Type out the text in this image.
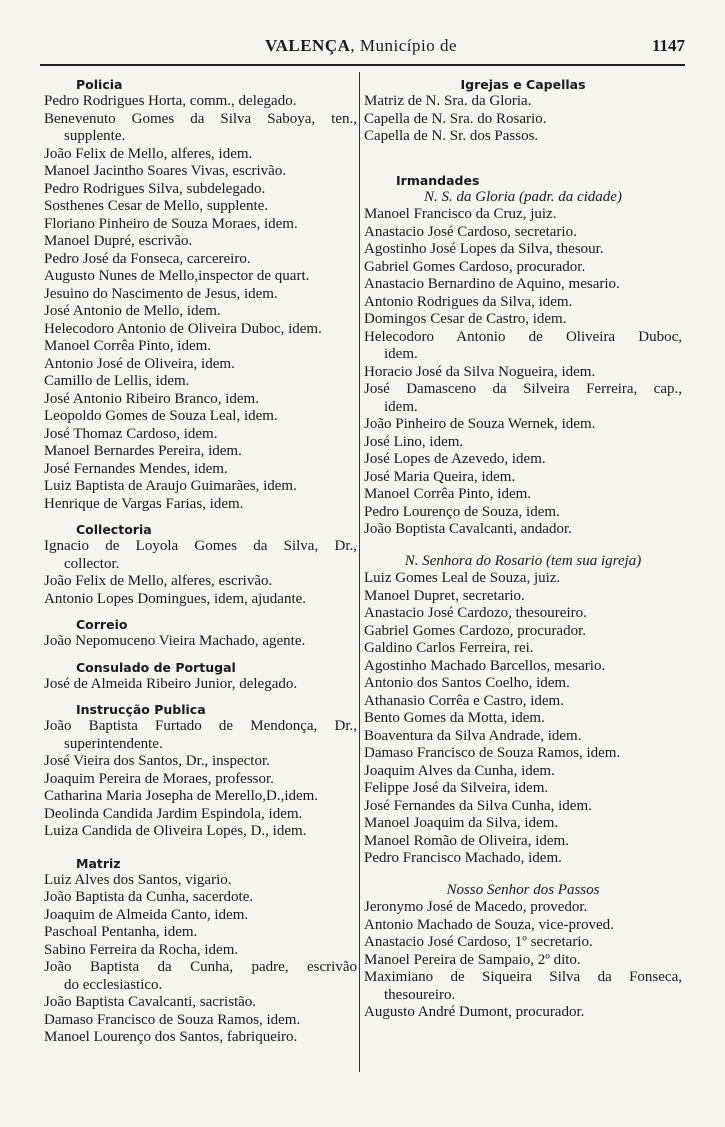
VALENÇA, Município de	1147
Policia
Pedro Rodrigues Horta, comm., delegado.
Benevenuto Gomes da Silva Saboya, ten.,
supplente.
João Felix de Mello, alferes, idem.
Manoel Jacintho Soares Vivas, escrivão.
Pedro Rodrigues Silva, subdelegado.
Sosthenes Cesar de Mello, supplente.
Floriano Pinheiro de Souza Moraes, idem.
Manoel Dupré, escrivão.
Pedro José da Fonseca, carcereiro.
Augusto Nunes de Mello,inspector de quart.
Jesuino do Nascimento de Jesus, idem.
José Antonio de Mello, idem.
Helecodoro Antonio de Oliveira Duboc, idem.
Manoel Corrêa Pinto, idem.
Antonio José de Oliveira, idem.
Camillo de Lellis, idem.
José Antonio Ribeiro Branco, idem.
Leopoldo Gomes de Souza Leal, idem.
José Thomaz Cardoso, idem.
Manoel Bernardes Pereira, idem.
José Fernandes Mendes, idem.
Luiz Baptista de Araujo Guimarães, idem.
Henrique de Vargas Farias, idem.
Collectoria
Ignacio de Loyola Gomes da Silva, Dr.,
collector.
João Felix de Mello, alferes, escrivão.
Antonio Lopes Domingues, idem, ajudante.
Correio
João Nepomuceno Vieira Machado, agente.
Consulado de Portugal
José de Almeida Ribeiro Junior, delegado.
Instrucção Publica
João Baptista Furtado de Mendonça, Dr.,
superintendente.
José Vieira dos Santos, Dr., inspector.
Joaquim Pereira de Moraes, professor.
Catharina Maria Josepha de Merello,D.,idem.
Deolinda Candida Jardim Espindola, idem.
Luiza Candida de Oliveira Lopes, D., idem.
Matriz
Luiz Alves dos Santos, vigario.
João Baptista da Cunha, sacerdote.
Joaquim de Almeida Canto, idem.
Paschoal Pentanha, idem.
Sabino Ferreira da Rocha, idem.
João Baptista da Cunha, padre, escrivão
do ecclesiastico.
João Baptista Cavalcanti, sacristão.
Damaso Francisco de Souza Ramos, idem.
Manoel Lourenço dos Santos, fabriqueiro.
Igrejas e Capellas
Matriz de N. Sra. da Gloria.
Capella de N. Sra. do Rosario.
Capella de N. Sr. dos Passos.
Irmandades
N. S. da Gloria (padr. da cidade)
Manoel Francisco da Cruz, juiz.
Anastacio José Cardoso, secretario.
Agostinho José Lopes da Silva, thesour.
Gabriel Gomes Cardoso, procurador.
Anastacio Bernardino de Aquino, mesario.
Antonio Rodrigues da Silva, idem.
Domingos Cesar de Castro, idem.
Helecodoro Antonio de Oliveira Duboc,
idem.
Horacio José da Silva Nogueira, idem.
José Damasceno da Silveira Ferreira, cap.,
idem.
João Pinheiro de Souza Wernek, idem.
José Lino, idem.
José Lopes de Azevedo, idem.
José Maria Queira, idem.
Manoel Corrêa Pinto, idem.
Pedro Lourenço de Souza, idem.
João Boptista Cavalcanti, andador.
N. Senhora do Rosario (tem sua igreja)
Luiz Gomes Leal de Souza, juiz.
Manoel Dupret, secretario.
Anastacio José Cardozo, thesoureiro.
Gabriel Gomes Cardozo, procurador.
Galdino Carlos Ferreira, rei.
Agostinho Machado Barcellos, mesario.
Antonio dos Santos Coelho, idem.
Athanasio Corrêa e Castro, idem.
Bento Gomes da Motta, idem.
Boaventura da Silva Andrade, idem.
Damaso Francisco de Souza Ramos, idem.
Joaquim Alves da Cunha, idem.
Felippe José da Silveira, idem.
José Fernandes da Silva Cunha, idem.
Manoel Joaquim da Silva, idem.
Manoel Romão de Oliveira, idem.
Pedro Francisco Machado, idem.
Nosso Senhor dos Passos
Jeronymo José de Macedo, provedor.
Antonio Machado de Souza, vice-proved.
Anastacio José Cardoso, 1º secretario.
Manoel Pereira de Sampaio, 2º dito.
Maximiano de Siqueira Silva da Fonseca,
thesoureiro.
Augusto André Dumont, procurador.
